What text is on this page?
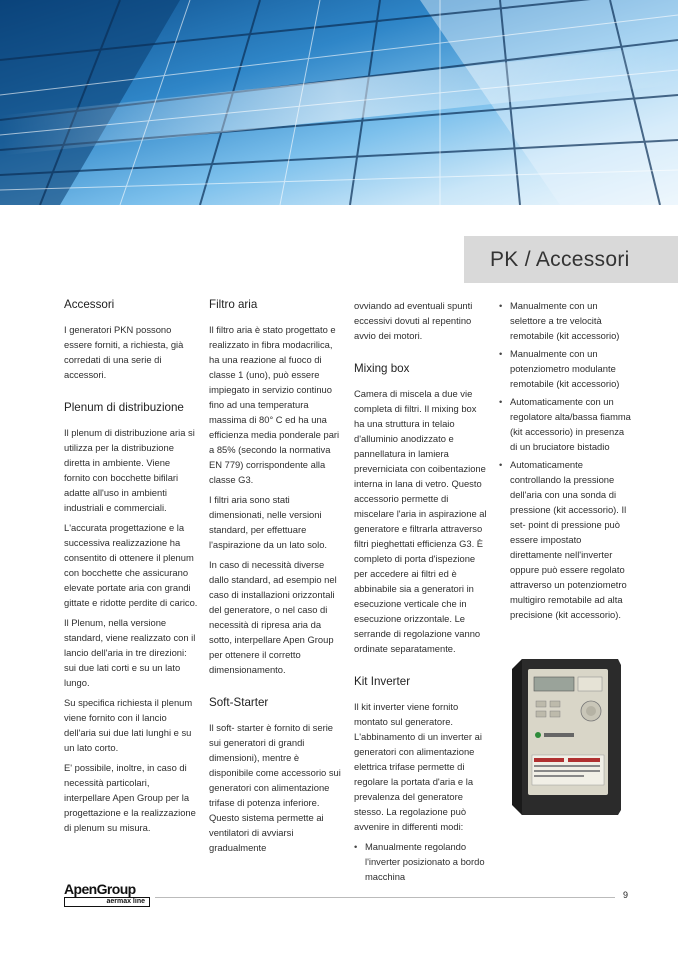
PK / Accessori
Accessori

I generatori PKN possono essere forniti, a richiesta, già corredati di una serie di accessori.

Plenum di distribuzione

Il plenum di distribuzione aria si utilizza per la distribuzione diretta in ambiente. Viene fornito con bocchette bifilari adatte all'uso in ambienti industriali e commerciali.

L'accurata progettazione e la successiva realizzazione ha consentito di ottenere il plenum con bocchette che assicurano elevate portate aria con grandi gittate e ridotte perdite di carico.

Il Plenum, nella versione standard, viene realizzato con il lancio dell'aria in tre direzioni: sui due lati corti e su un lato lungo.

Su specifica richiesta il plenum viene fornito con il lancio dell'aria sui due lati lunghi e su un lato corto.

E' possibile, inoltre, in caso di necessità particolari, interpellare Apen Group per la progettazione e la realizzazione di plenum su misura.

Filtro aria

Il filtro aria è stato progettato e realizzato in fibra modacrilica, ha una reazione al fuoco di classe 1 (uno), può essere impiegato in servizio continuo fino ad una temperatura massima di 80° C ed ha una efficienza media ponderale pari a 85% (secondo la normativa EN 779) corrispondente alla classe G3.

I filtri aria sono stati dimensionati, nelle versioni standard, per effettuare l'aspirazione da un lato solo.

In caso di necessità diverse dallo standard, ad esempio nel caso di installazioni orizzontali del generatore, o nel caso di necessità di ripresa aria da sotto, interpellare Apen Group per ottenere il corretto dimensionamento.

Soft-Starter

Il soft- starter è fornito di serie sui generatori di grandi dimensioni), mentre è disponibile come accessorio sui generatori con alimentazione trifase di potenza inferiore. Questo sistema permette ai ventilatori di avviarsi gradualmente

ovviando ad eventuali spunti eccessivi dovuti al repentino avvio dei motori.

Mixing box

Camera di miscela a due vie completa di filtri. Il mixing box ha una struttura in telaio d'alluminio anodizzato e pannellatura in lamiera preverniciata con coibentazione interna in lana di vetro. Questo accessorio permette di miscelare l'aria in aspirazione al generatore e filtrarla attraverso filtri pieghettati efficienza G3. È completo di porta d'ispezione per accedere ai filtri ed è abbinabile sia a generatori in esecuzione verticale che in esecuzione orizzontale. Le serrande di regolazione vanno ordinate separatamente.

Kit Inverter

Il kit inverter viene fornito montato sul generatore. L'abbinamento di un inverter ai generatori con alimentazione elettrica trifase permette di regolare la portata d'aria e la prevalenza del generatore stesso. La regolazione può avvenire in differenti modi:

• Manualmente regolando l'inverter posizionato a bordo macchina
• Manualmente con un selettore a tre velocità remotabile (kit accessorio)
• Manualmente con un potenziometro modulante remotabile (kit accessorio)
• Automaticamente con un regolatore alta/bassa fiamma (kit accessorio) in presenza di un bruciatore bistadio
• Automaticamente controllando la pressione dell'aria con una sonda di pressione (kit accessorio). Il set- point di pressione può essere impostato direttamente nell'inverter oppure può essere regolato attraverso un potenziometro multigiro remotabile ad alta precisione (kit accessorio).
ApenGroup
aermax line
9
